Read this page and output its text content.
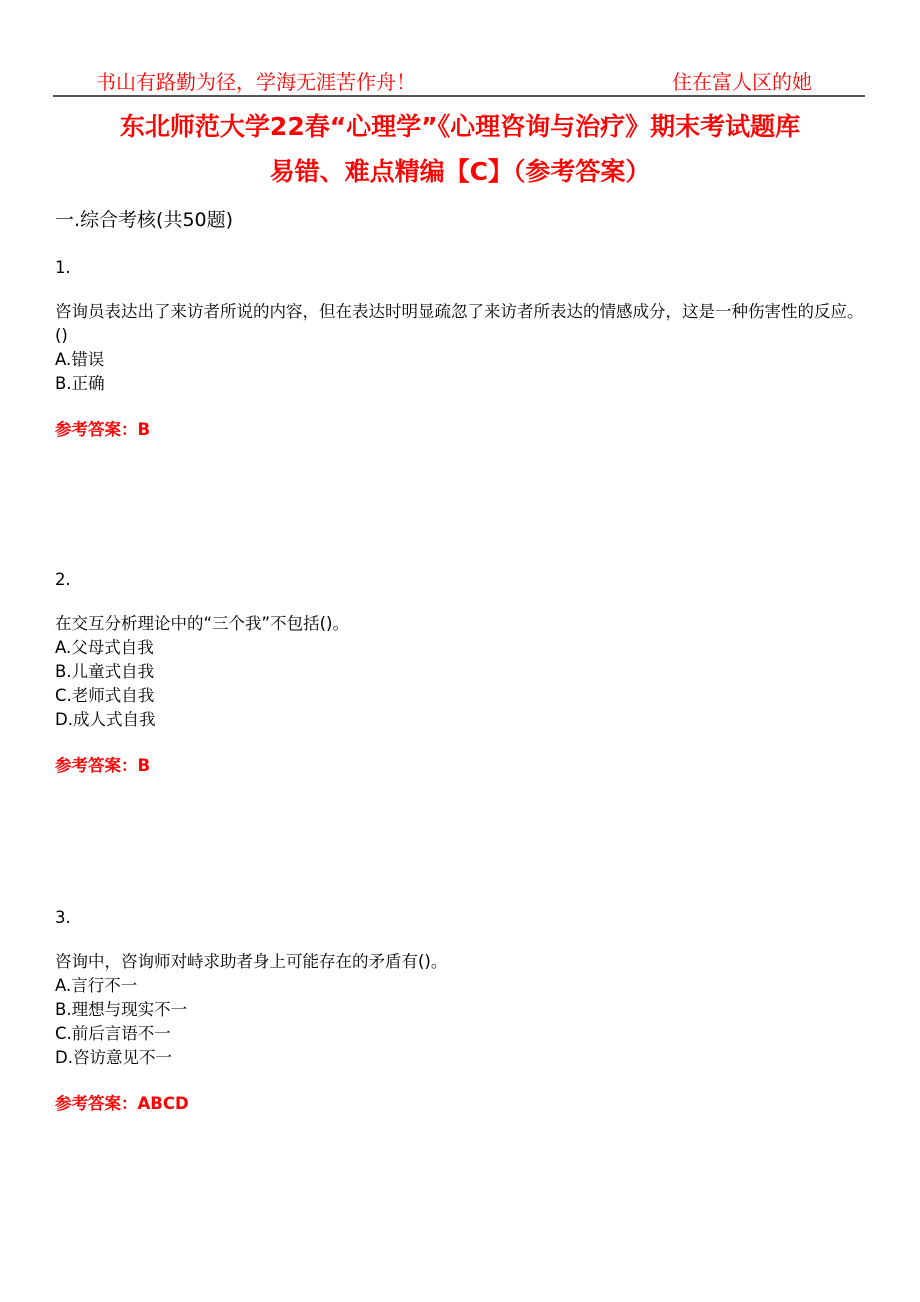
书山有路勤为径，学海无涯苦作舟！	住在富人区的她
东北师范大学22春“心理学”《心理咨询与治疗》期末考试题库
易错、难点精编【C】（参考答案）
一.综合考核(共50题)
1.
咨询员表达出了来访者所说的内容，但在表达时明显疏忽了来访者所表达的情感成分，这是一种伤害性的反应。()
A.错误
B.正确
参考答案：B
2.
在交互分析理论中的“三个我”不包括()。
A.父母式自我
B.儿童式自我
C.老师式自我
D.成人式自我
参考答案：B
3.
咨询中，咨询师对峙求助者身上可能存在的矛盾有()。
A.言行不一
B.理想与现实不一
C.前后言语不一
D.咨访意见不一
参考答案：ABCD
